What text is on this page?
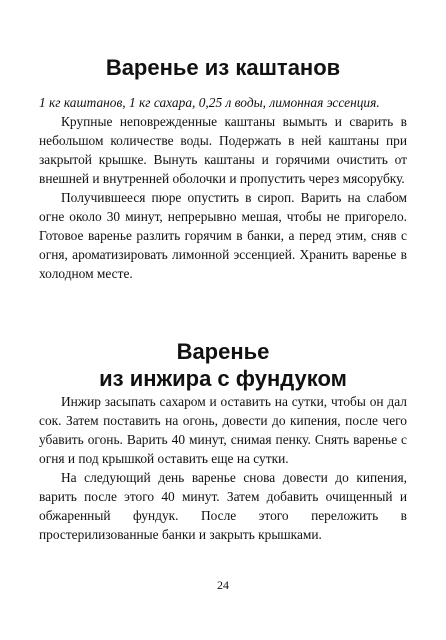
Варенье из каштанов

1 кг каштанов, 1 кг сахара, 0,25 л воды, лимонная эссенция.

Крупные неповрежденные каштаны вымыть и сварить в небольшом количестве воды. Подержать в ней каштаны при закрытой крышке. Вынуть каштаны и горячими очистить от внешней и внутренней оболочки и пропустить через мясорубку.

Получившееся пюре опустить в сироп. Варить на слабом огне около 30 минут, непрерывно мешая, чтобы не пригорело. Готовое варенье разлить горячим в банки, а перед этим, сняв с огня, ароматизировать лимонной эссенцией. Хранить варенье в холодном месте.

Варенье
из инжира с фундуком

Инжир засыпать сахаром и оставить на сутки, чтобы он дал сок. Затем поставить на огонь, довести до кипения, после чего убавить огонь. Варить 40 минут, снимая пенку. Снять варенье с огня и под крышкой оставить еще на сутки.

На следующий день варенье снова довести до кипения, варить после этого 40 минут. Затем добавить очищенный и обжаренный фундук. После этого переложить в простерилизованные банки и закрыть крышками.

24
